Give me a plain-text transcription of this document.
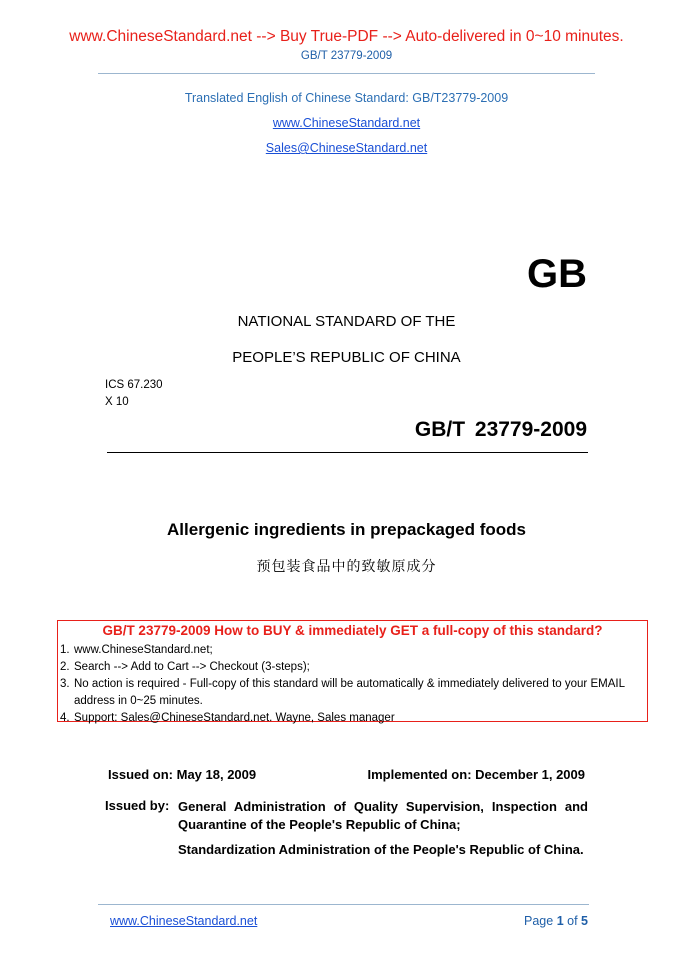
www.ChineseStandard.net --> Buy True-PDF --> Auto-delivered in 0~10 minutes.
GB/T 23779-2009
Translated English of Chinese Standard: GB/T23779-2009
www.ChineseStandard.net
Sales@ChineseStandard.net
GB
NATIONAL STANDARD OF THE
PEOPLE’S REPUBLIC OF CHINA
ICS 67.230
X 10
GB/T 23779-2009
Allergenic ingredients in prepackaged foods
预包装食品中的致敏原成分
GB/T 23779-2009 How to BUY & immediately GET a full-copy of this standard?
1. www.ChineseStandard.net;
2. Search --> Add to Cart --> Checkout (3-steps);
3. No action is required - Full-copy of this standard will be automatically & immediately delivered to your EMAIL address in 0~25 minutes.
4. Support: Sales@ChineseStandard.net. Wayne, Sales manager
Issued on: May 18, 2009	Implemented on: December 1, 2009
Issued by: General Administration of Quality Supervision, Inspection and Quarantine of the People's Republic of China;
Standardization Administration of the People's Republic of China.
www.ChineseStandard.net	Page 1 of 5
